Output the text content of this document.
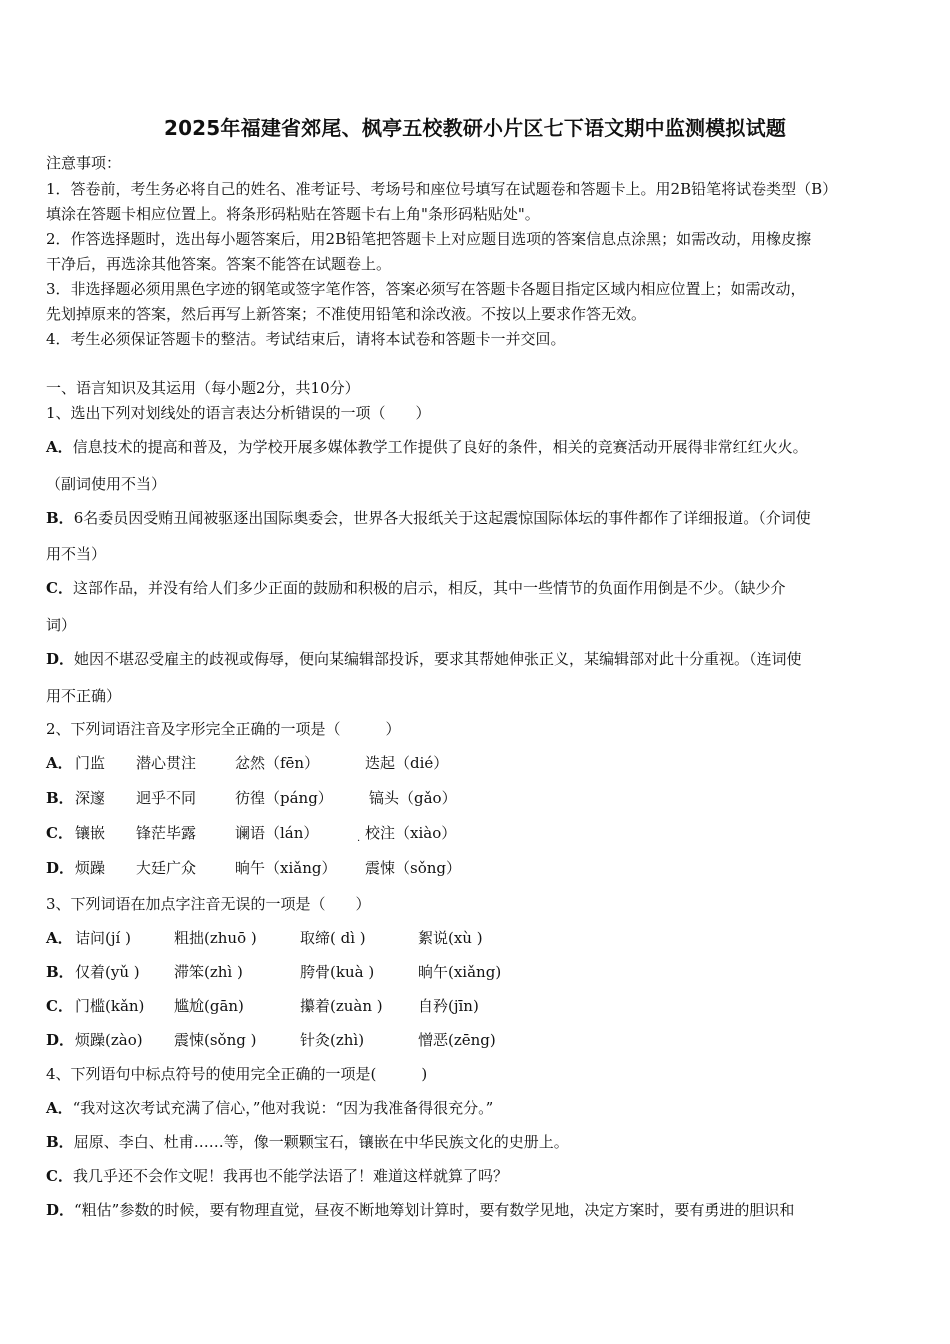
2025年福建省郊尾、枫亭五校教研小片区七下语文期中监测模拟试题
注意事项：
1．答卷前，考生务必将自己的姓名、准考证号、考场号和座位号填写在试题卷和答题卡上。用2B铅笔将试卷类型（B）
填涂在答题卡相应位置上。将条形码粘贴在答题卡右上角"条形码粘贴处"。
2．作答选择题时，选出每小题答案后，用2B铅笔把答题卡上对应题目选项的答案信息点涂黑；如需改动，用橡皮擦
干净后，再选涂其他答案。答案不能答在试题卷上。
3．非选择题必须用黑色字迹的钢笔或签字笔作答，答案必须写在答题卡各题目指定区域内相应位置上；如需改动，
先划掉原来的答案，然后再写上新答案；不准使用铅笔和涂改液。不按以上要求作答无效。
4．考生必须保证答题卡的整洁。考试结束后，请将本试卷和答题卡一并交回。
一、语言知识及其运用（每小题2分，共10分）
1、选出下列对划线处的语言表达分析错误的一项（　　）
A．信息技术的提高和普及，为学校开展多媒体教学工作提供了良好的条件，相关的竞赛活动开展得非常红红火火。
（副词使用不当）
B．6名委员因受贿丑闻被驱逐出国际奥委会，世界各大报纸关于这起震惊国际体坛的事件都作了详细报道。（介词使
用不当）
C．这部作品，并没有给人们多少正面的鼓励和积极的启示，相反，其中一些情节的负面作用倒是不少。（缺少介
词）
D．她因不堪忍受雇主的歧视或侮辱，便向某编辑部投诉，要求其帮她伸张正义，某编辑部对此十分重视。（连词使
用不正确）
2、下列词语注音及字形完全正确的一项是（　　　）
A． 门监 潜心贯注	忿然（fēn）	迭起（dié）
B． 深邃 迥乎不同	彷徨（páng） 镐头（gǎo）
C． 镶嵌 锋茫毕露	谰语（lán）	校注（xiào）
·
D． 烦躁 大廷广众	晌午（xiǎng） 震悚（sǒng）
3、下列词语在加点字注音无误的一项是（　　）
A． 诘问(jí )	粗拙(zhuō )	取缔( dì )	絮说(xù )
B． 仅着(yǔ ) 滞笨(zhì )	胯骨(kuà )	晌午(xiǎng)
C． 门槛(kǎn) 尴尬(gān)	攥着(zuàn ) 自矜(jīn)
D． 烦躁(zào) 震悚(sǒng )	针灸(zhì)	憎恶(zēng)
4、下列语句中标点符号的使用完全正确的一项是(　　　)
A．“我对这次考试充满了信心，”他对我说：“因为我准备得很充分。”
B．屈原、李白、杜甫……等，像一颗颗宝石，镶嵌在中华民族文化的史册上。
C．我几乎还不会作文呢！我再也不能学法语了！难道这样就算了吗？
D．“粗估”参数的时候，要有物理直觉，昼夜不断地筹划计算时，要有数学见地，决定方案时，要有勇进的胆识和
